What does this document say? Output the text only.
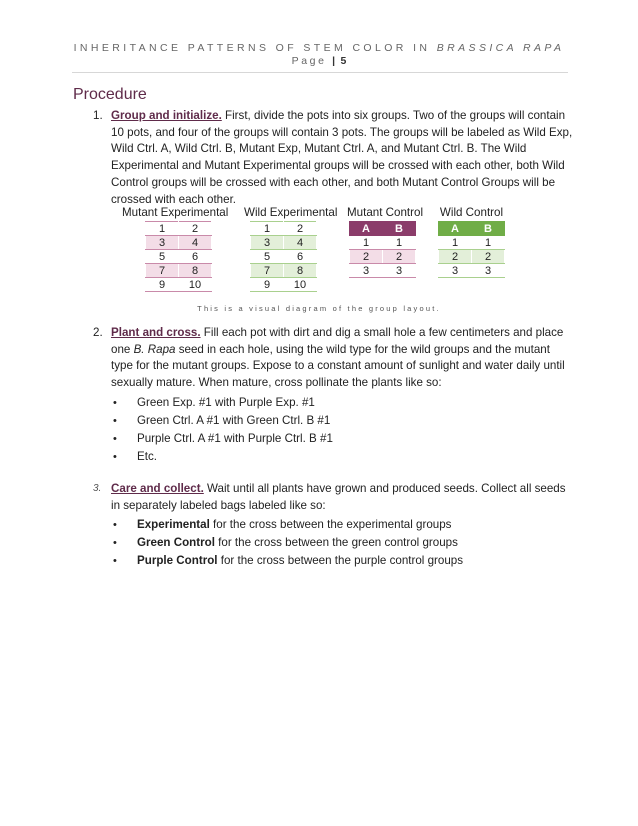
INHERITANCE PATTERNS OF STEM COLOR IN BRASSICA RAPA
Page | 5
Procedure
1. Group and initialize. First, divide the pots into six groups. Two of the groups will contain 10 pots, and four of the groups will contain 3 pots. The groups will be labeled as Wild Exp, Wild Ctrl. A, Wild Ctrl. B, Mutant Exp, Mutant Ctrl. A, and Mutant Ctrl. B. The Wild Experimental and Mutant Experimental groups will be crossed with each other, both Wild Control groups will be crossed with each other, and both Mutant Control Groups will be crossed with each other.
Mutant Experimental
1	2
3	4
5	6
7	8
9	10
Wild Experimental
1	2
3	4
5	6
7	8
9	10
Mutant Control
A	B
1	1
2	2
3	3
Wild Control
A	B
1	1
2	2
3	3
This is a visual diagram of the group layout.
2. Plant and cross. Fill each pot with dirt and dig a small hole a few centimeters and place one B. Rapa seed in each hole, using the wild type for the wild groups and the mutant type for the mutant groups. Expose to a constant amount of sunlight and water daily until sexually mature. When mature, cross pollinate the plants like so:
• Green Exp. #1 with Purple Exp. #1
• Green Ctrl. A #1 with Green Ctrl. B #1
• Purple Ctrl. A #1 with Purple Ctrl. B #1
• Etc.
3. Care and collect. Wait until all plants have grown and produced seeds. Collect all seeds in separately labeled bags labeled like so:
• Experimental for the cross between the experimental groups
• Green Control for the cross between the green control groups
• Purple Control for the cross between the purple control groups
